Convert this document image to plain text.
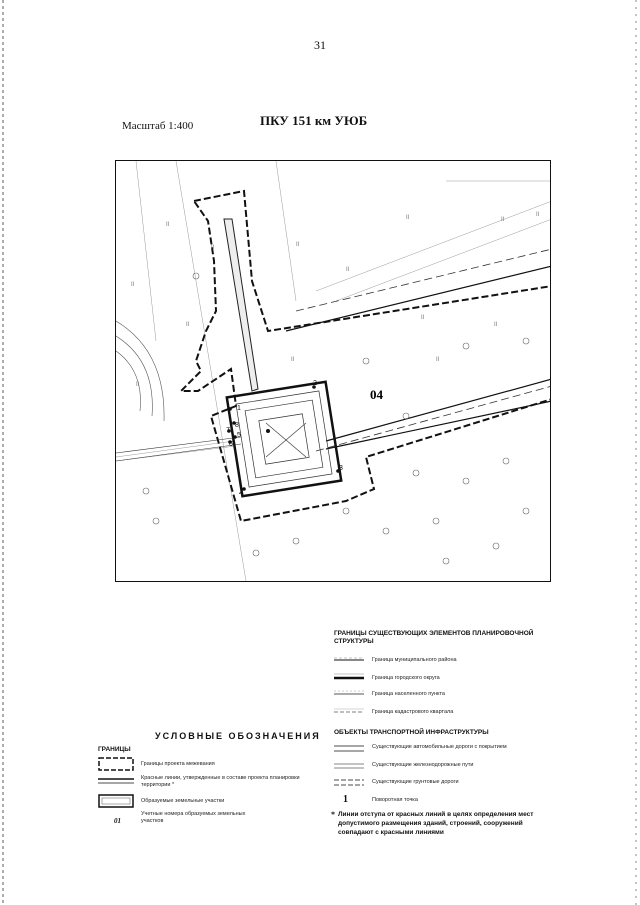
31
Масштаб 1:400	ПКУ 151 км УЮБ
04
1
2
3
4
5
6
7
8
II
II	II
II	II
II
II
II
II
II
II
II	II
II
ГРАНИЦЫ СУЩЕСТВУЮЩИХ ЭЛЕМЕНТОВ ПЛАНИРОВОЧНОЙ СТРУКТУРЫ
Граница муниципального района
Граница городского округа
Граница населенного пункта
Граница кадастрового квартала
ОБЪЕКТЫ ТРАНСПОРТНОЙ ИНФРАСТРУКТУРЫ
Существующие автомобильные дороги с покрытием
Существующие железнодорожные пути
Существующие грунтовые дороги
1	Поворотная точка
* Линии отступа от красных линий в целях определения мест допустимого размещения зданий, строений, сооружений совпадают с красными линиями
УСЛОВНЫЕ ОБОЗНАЧЕНИЯ
ГРАНИЦЫ
Границы проекта межевания
Красные линии, утвержденные в составе проекта планировки территории *
Образуемые земельные участки
01
Учетные номера образуемых земельных участков
